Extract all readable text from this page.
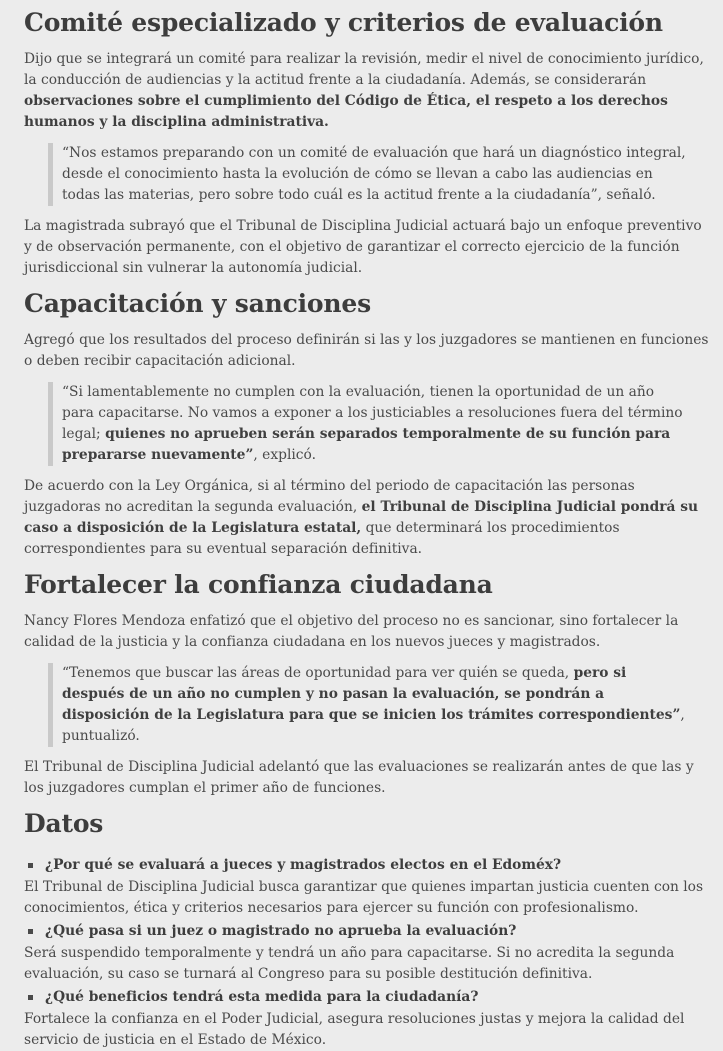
Comité especializado y criterios de evaluación

Dijo que se integrará un comité para realizar la revisión, medir el nivel de conocimiento jurídico, la conducción de audiencias y la actitud frente a la ciudadanía. Además, se considerarán observaciones sobre el cumplimiento del Código de Ética, el respeto a los derechos humanos y la disciplina administrativa.

“Nos estamos preparando con un comité de evaluación que hará un diagnóstico integral, desde el conocimiento hasta la evolución de cómo se llevan a cabo las audiencias en todas las materias, pero sobre todo cuál es la actitud frente a la ciudadanía”, señaló.

La magistrada subrayó que el Tribunal de Disciplina Judicial actuará bajo un enfoque preventivo y de observación permanente, con el objetivo de garantizar el correcto ejercicio de la función jurisdiccional sin vulnerar la autonomía judicial.

Capacitación y sanciones

Agregó que los resultados del proceso definirán si las y los juzgadores se mantienen en funciones o deben recibir capacitación adicional.

“Si lamentablemente no cumplen con la evaluación, tienen la oportunidad de un año para capacitarse. No vamos a exponer a los justiciables a resoluciones fuera del término legal; quienes no aprueben serán separados temporalmente de su función para prepararse nuevamente”, explicó.

De acuerdo con la Ley Orgánica, si al término del periodo de capacitación las personas juzgadoras no acreditan la segunda evaluación, el Tribunal de Disciplina Judicial pondrá su caso a disposición de la Legislatura estatal, que determinará los procedimientos correspondientes para su eventual separación definitiva.

Fortalecer la confianza ciudadana

Nancy Flores Mendoza enfatizó que el objetivo del proceso no es sancionar, sino fortalecer la calidad de la justicia y la confianza ciudadana en los nuevos jueces y magistrados.

“Tenemos que buscar las áreas de oportunidad para ver quién se queda, pero si después de un año no cumplen y no pasan la evaluación, se pondrán a disposición de la Legislatura para que se inicien los trámites correspondientes”, puntualizó.

El Tribunal de Disciplina Judicial adelantó que las evaluaciones se realizarán antes de que las y los juzgadores cumplan el primer año de funciones.

Datos
¿Por qué se evaluará a jueces y magistrados electos en el Edoméx?
El Tribunal de Disciplina Judicial busca garantizar que quienes impartan justicia cuenten con los conocimientos, ética y criterios necesarios para ejercer su función con profesionalismo.
¿Qué pasa si un juez o magistrado no aprueba la evaluación?
Será suspendido temporalmente y tendrá un año para capacitarse. Si no acredita la segunda evaluación, su caso se turnará al Congreso para su posible destitución definitiva.
¿Qué beneficios tendrá esta medida para la ciudadanía?
Fortalece la confianza en el Poder Judicial, asegura resoluciones justas y mejora la calidad del servicio de justicia en el Estado de México.
